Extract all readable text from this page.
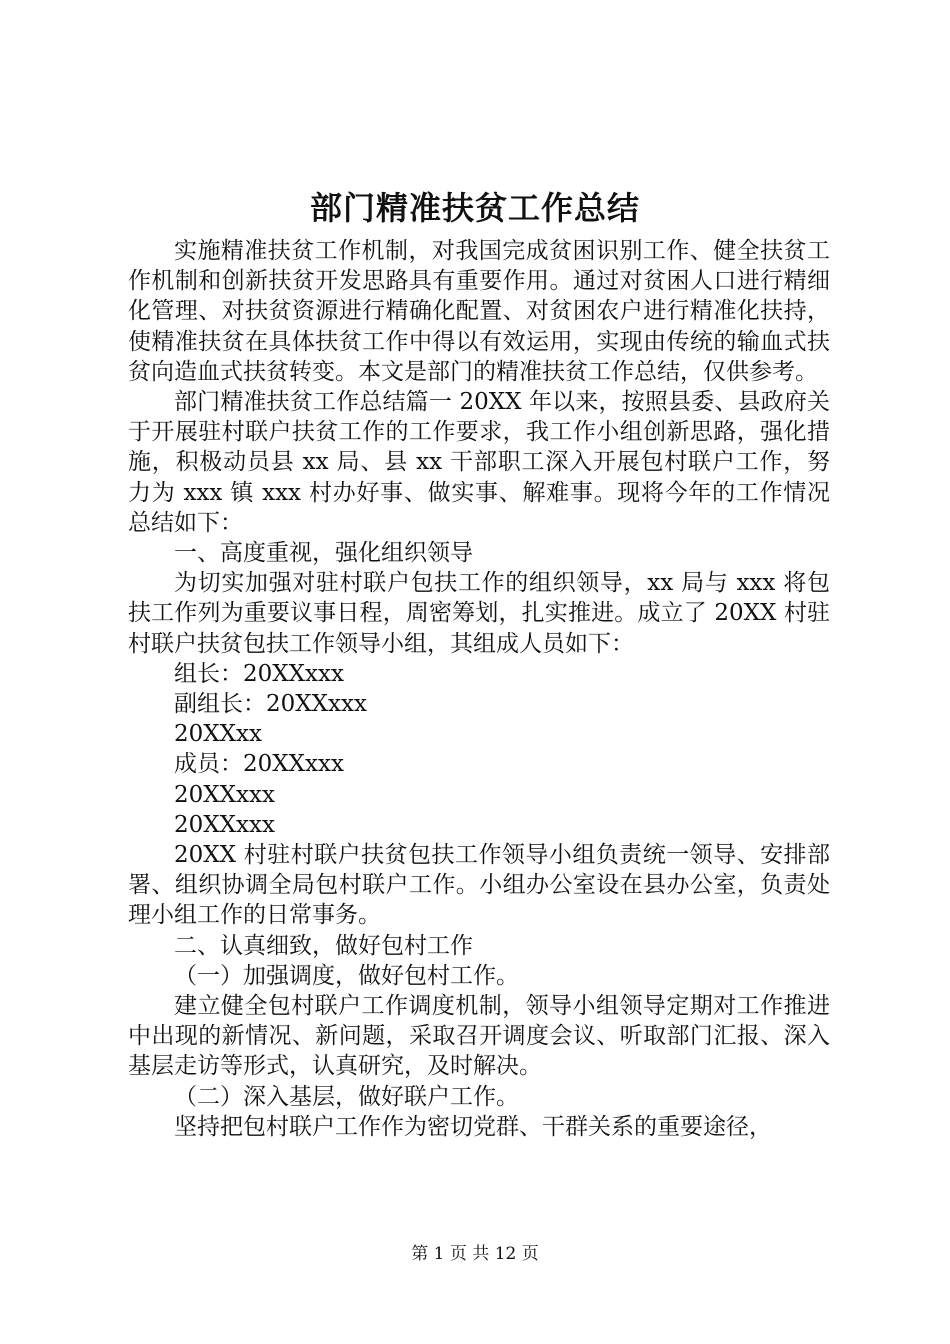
部门精准扶贫工作总结

实施精准扶贫工作机制，对我国完成贫困识别工作、健全扶贫工作机制和创新扶贫开发思路具有重要作用。通过对贫困人口进行精细化管理、对扶贫资源进行精确化配置、对贫困农户进行精准化扶持，使精准扶贫在具体扶贫工作中得以有效运用，实现由传统的输血式扶贫向造血式扶贫转变。本文是部门的精准扶贫工作总结，仅供参考。

部门精准扶贫工作总结篇一 20XX 年以来，按照县委、县政府关于开展驻村联户扶贫工作的工作要求，我工作小组创新思路，强化措施，积极动员县 xx 局、县 xx 干部职工深入开展包村联户工作，努力为 xxx 镇 xxx 村办好事、做实事、解难事。现将今年的工作情况总结如下：

一、高度重视，强化组织领导

为切实加强对驻村联户包扶工作的组织领导，xx 局与 xxx 将包扶工作列为重要议事日程，周密筹划，扎实推进。成立了 20XX 村驻村联户扶贫包扶工作领导小组，其组成人员如下：

组长：20XXxxx

副组长：20XXxxx

20XXxx

成员：20XXxxx

20XXxxx

20XXxxx

20XX 村驻村联户扶贫包扶工作领导小组负责统一领导、安排部署、组织协调全局包村联户工作。小组办公室设在县办公室，负责处理小组工作的日常事务。

二、认真细致，做好包村工作

（一）加强调度，做好包村工作。

建立健全包村联户工作调度机制，领导小组领导定期对工作推进中出现的新情况、新问题，采取召开调度会议、听取部门汇报、深入基层走访等形式，认真研究，及时解决。

（二）深入基层，做好联户工作。

坚持把包村联户工作作为密切党群、干群关系的重要途径，

第 1 页 共 12 页
